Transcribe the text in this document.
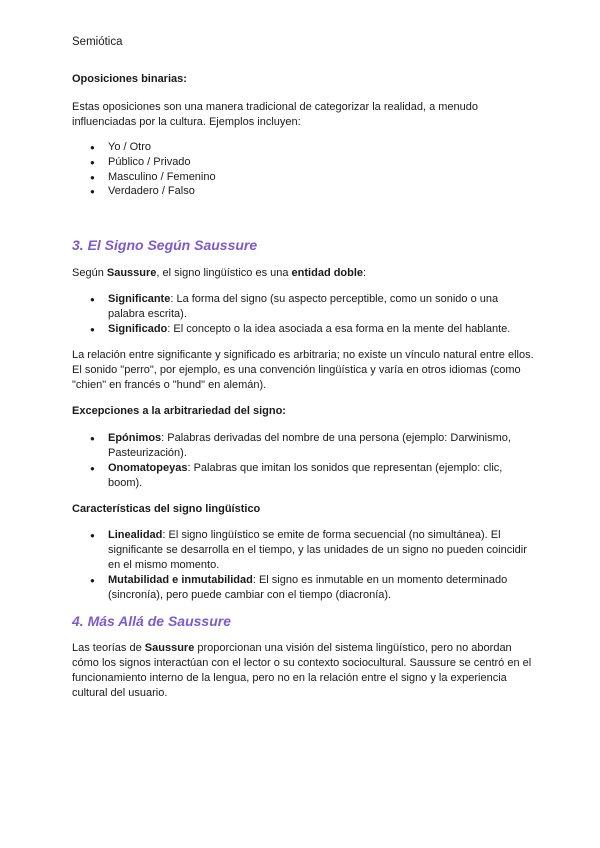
Semiótica

Oposiciones binarias:

Estas oposiciones son una manera tradicional de categorizar la realidad, a menudo influenciadas por la cultura. Ejemplos incluyen:

● Yo / Otro
● Público / Privado
● Masculino / Femenino
● Verdadero / Falso
3. El Signo Según Saussure

Según Saussure, el signo lingüístico es una entidad doble:

● Significante: La forma del signo (su aspecto perceptible, como un sonido o una palabra escrita).
● Significado: El concepto o la idea asociada a esa forma en la mente del hablante.

La relación entre significante y significado es arbitraria; no existe un vínculo natural entre ellos. El sonido "perro", por ejemplo, es una convención lingüística y varía en otros idiomas (como "chien" en francés o "hund" en alemán).

Excepciones a la arbitrariedad del signo:

● Epónimos: Palabras derivadas del nombre de una persona (ejemplo: Darwinismo, Pasteurización).
● Onomatopeyas: Palabras que imitan los sonidos que representan (ejemplo: clic, boom).

Características del signo lingüístico

● Linealidad: El signo lingüístico se emite de forma secuencial (no simultánea). El significante se desarrolla en el tiempo, y las unidades de un signo no pueden coincidir en el mismo momento.
● Mutabilidad e inmutabilidad: El signo es inmutable en un momento determinado (sincronía), pero puede cambiar con el tiempo (diacronía).
4. Más Allá de Saussure

Las teorías de Saussure proporcionan una visión del sistema lingüístico, pero no abordan cómo los signos interactúan con el lector o su contexto sociocultural. Saussure se centró en el funcionamiento interno de la lengua, pero no en la relación entre el signo y la experiencia cultural del usuario.
